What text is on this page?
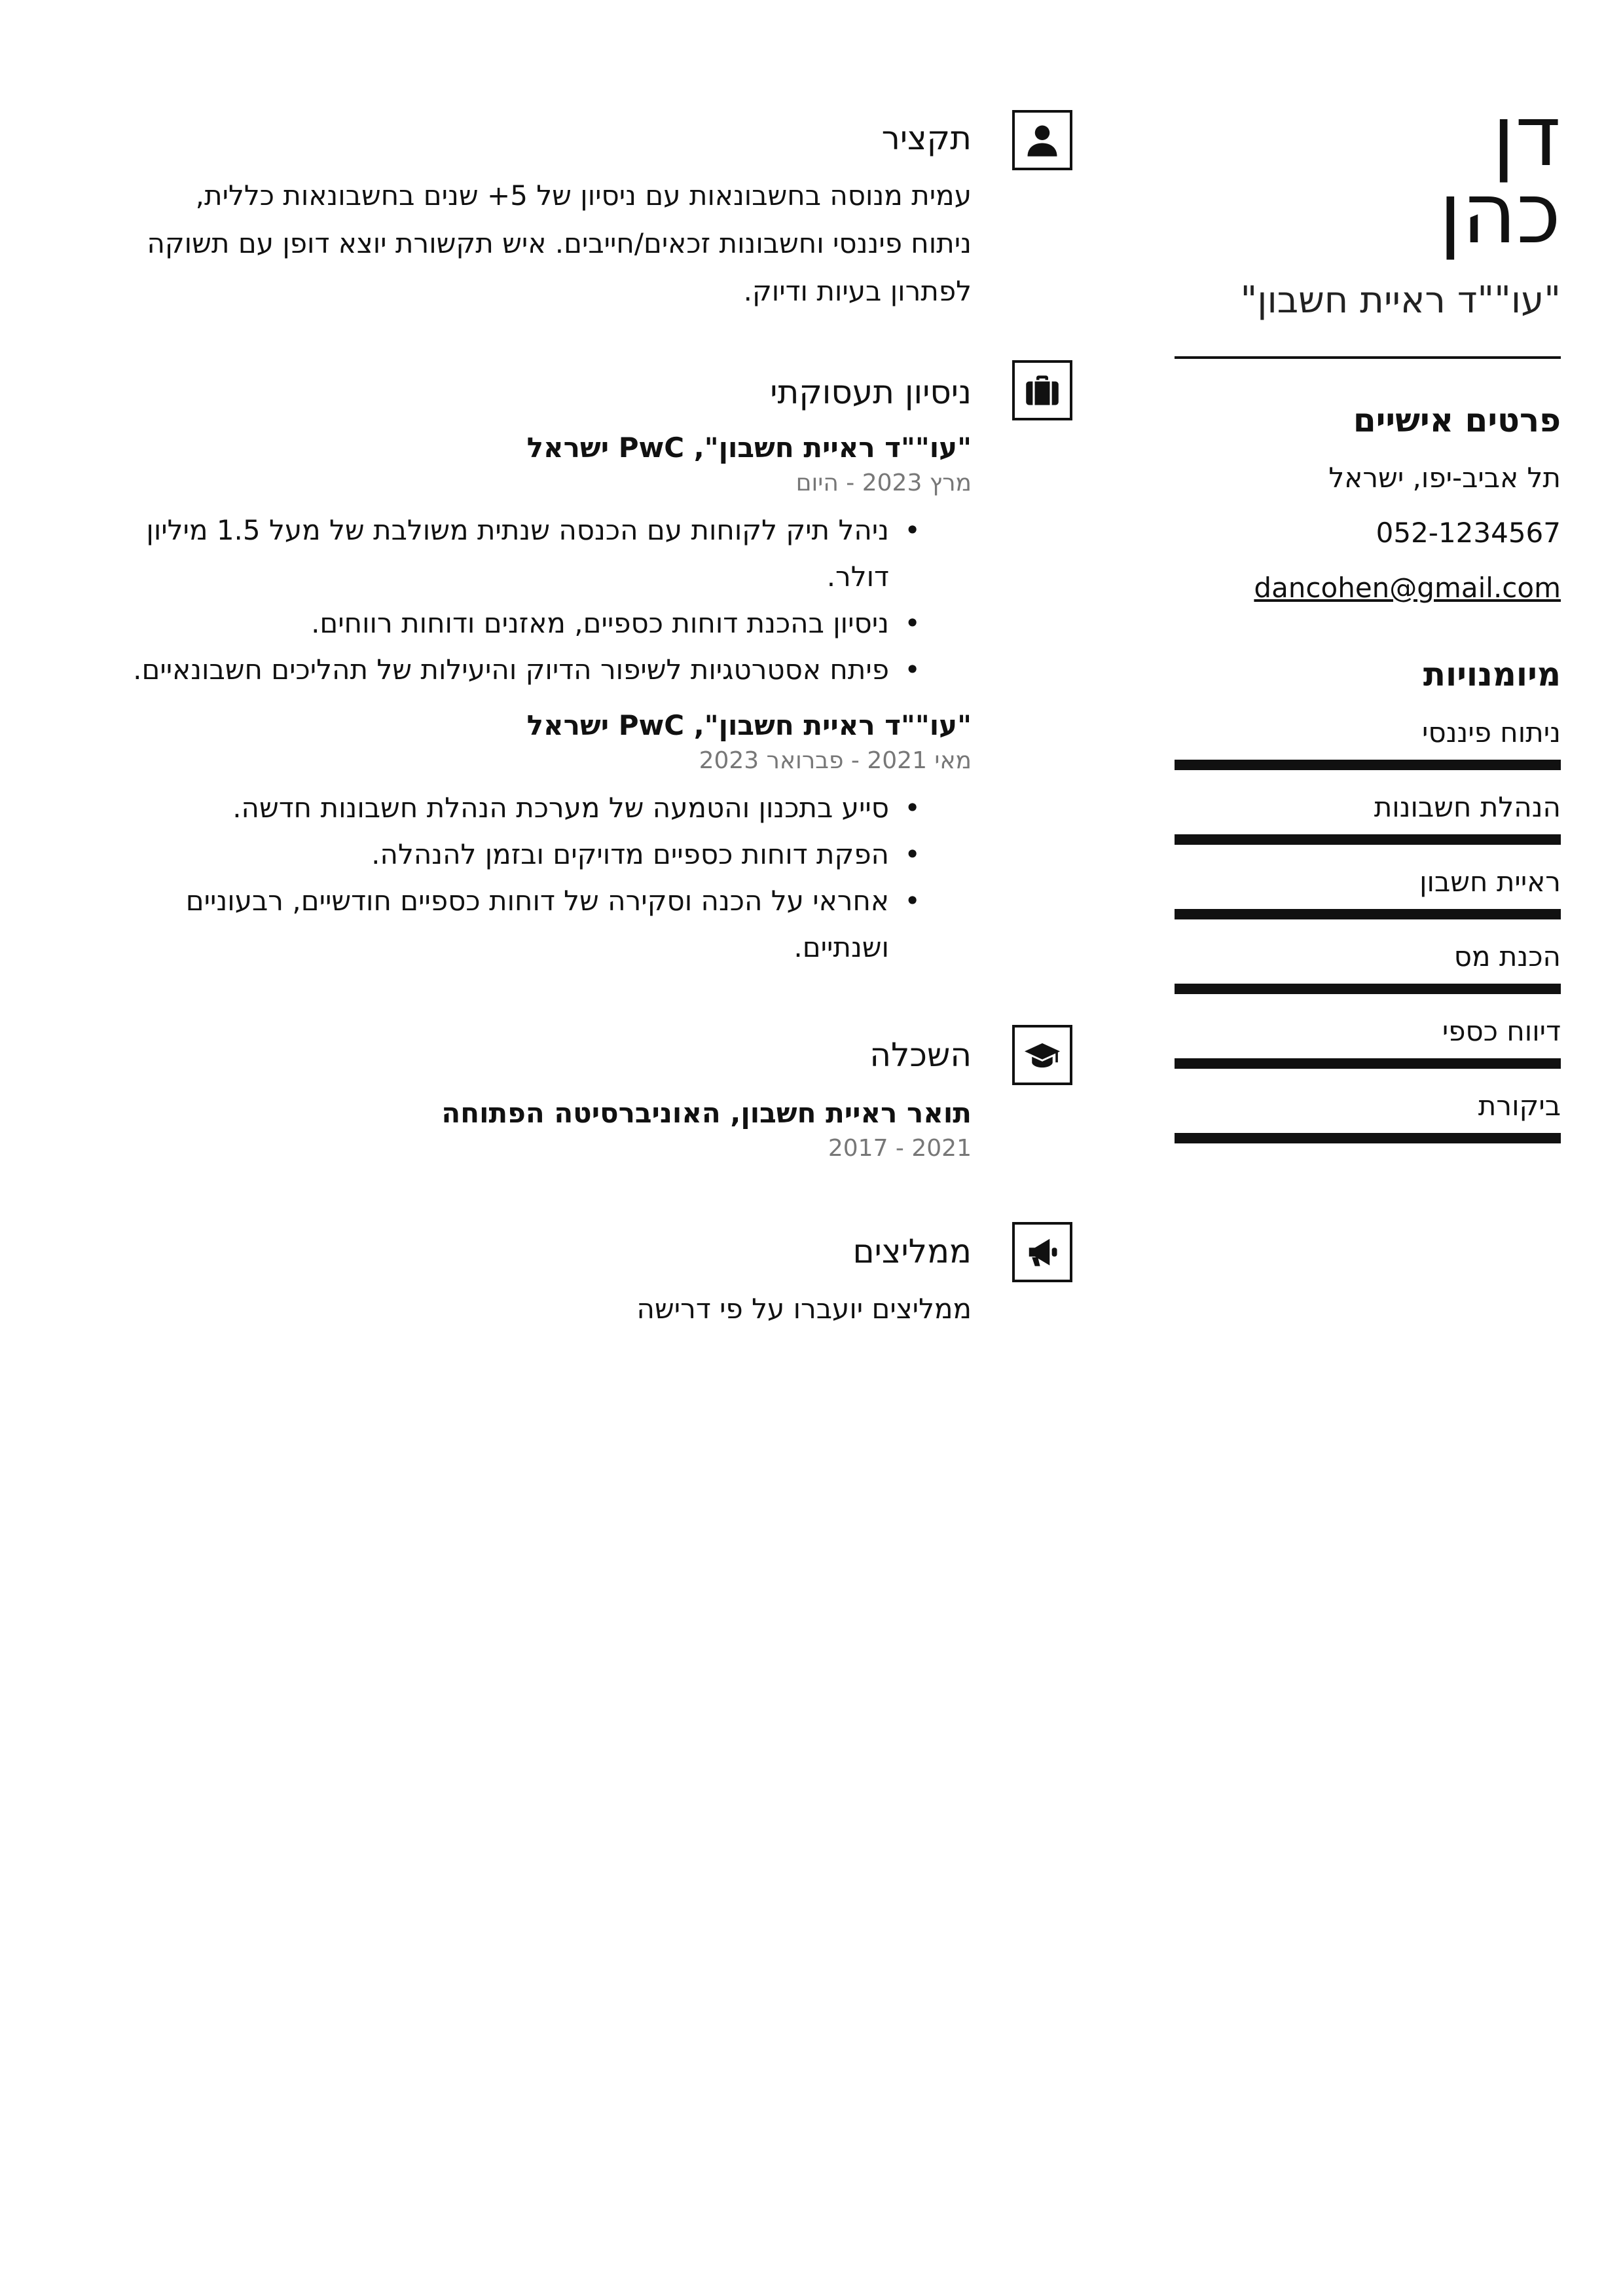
דן
כהן
"עו""ד ראיית חשבון"
פרטים אישיים
תל אביב-יפו, ישראל
052-1234567
dancohen@gmail.com
מיומנויות
ניתוח פיננסי
הנהלת חשבונות
ראיית חשבון
הכנת מס
דיווח כספי
ביקורת
תקציר
עמית מנוסה בחשבונאות עם ניסיון של 5+ שנים בחשבונאות כללית, ניתוח פיננסי וחשבונות זכאים/חייבים. איש תקשורת יוצא דופן עם תשוקה לפתרון בעיות ודיוק.
ניסיון תעסוקתי
"עו""ד ראיית חשבון", PwC ישראל
מרץ 2023 - היום
• ניהל תיק לקוחות עם הכנסה שנתית משולבת של מעל 1.5 מיליון דולר.
• ניסיון בהכנת דוחות כספיים, מאזנים ודוחות רווחים.
• פיתח אסטרטגיות לשיפור הדיוק והיעילות של תהליכים חשבונאיים.
"עו""ד ראיית חשבון", PwC ישראל
מאי 2021 - פברואר 2023
• סייע בתכנון והטמעה של מערכת הנהלת חשבונות חדשה.
• הפקת דוחות כספיים מדויקים ובזמן להנהלה.
• אחראי על הכנה וסקירה של דוחות כספיים חודשיים, רבעוניים ושנתיים.
השכלה
תואר ראיית חשבון, האוניברסיטה הפתוחה
2021 - 2017
ממליצים
ממליצים יועברו על פי דרישה
